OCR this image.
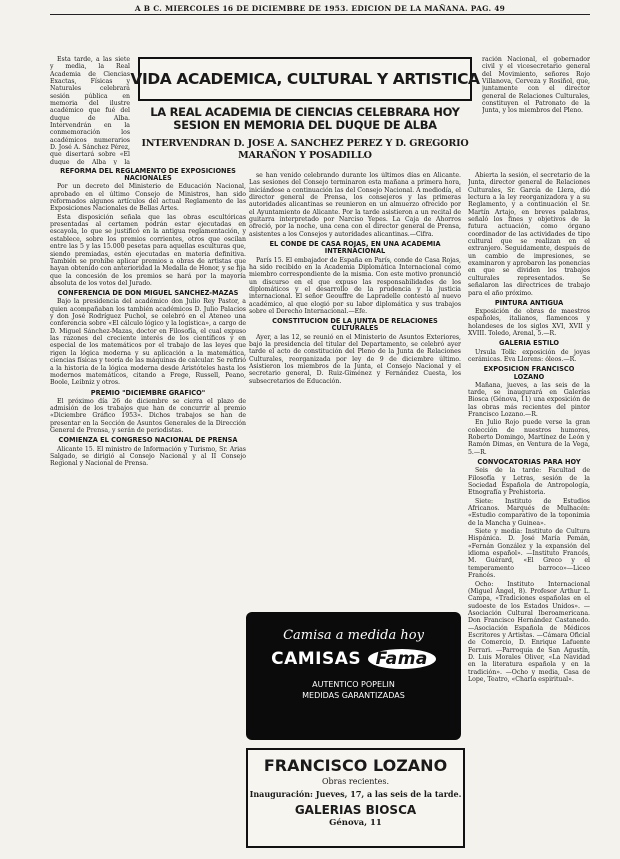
A B C. MIERCOLES 16 DE DICIEMBRE DE 1953. EDICION DE LA MAÑANA. PAG. 49

Esta tarde, a las siete y media, la Real Academia de Ciencias Exactas, Físicas y Naturales celebrará sesión pública en memoria del ilustre académico que fué del duque de Alba. Intervendrán en la conmemoración los académicos numerarios D. José A. Sánchez Pérez, que disertará sobre «El duque de Alba y la

REFORMA DEL REGLAMENTO DE EXPOSICIONES NACIONALES

Por un decreto del Ministerio de Educación Nacional, aprobado en el último Consejo de Ministros, han sido reformados algunos artículos del actual Reglamento de las Exposiciones Nacionales de Bellas Artes.

Esta disposición señala que las obras escultóricas presentadas al certamen podrán estar ejecutadas en escayola, lo que se justificó en la antigua reglamentación, y establece, sobre los premios corrientes, otros que oscilan entre las 5 y las 15.000 pesetas para aquellas esculturas que, siendo premiadas, estén ejecutadas en materia definitiva. También se prohíbe aplicar premios a obras de artistas que hayan obtenido con anterioridad la Medalla de Honor, y se fija que la concesión de los premios se hará por la mayoría absoluta de los votos del Jurado.

CONFERENCIA DE DON MIGUEL SANCHEZ-MAZAS

Bajo la presidencia del académico don Julio Rey Pastor, a quien acompañaban los también académicos D. Julio Palacios y don José Rodríguez Puchol, se celebró en el Ateneo una conferencia sobre «El cálculo lógico y la logística», a cargo de D. Miguel Sánchez-Mazas, doctor en Filosofía, el cual expuso las razones del creciente interés de los científicos y en especial de los matemáticos por el trabajo de las leyes que rigen la lógica moderna y su aplicación a la matemática, ciencias físicas y teoría de las máquinas de calcular. Se refirió a la historia de la lógica moderna desde Aristóteles hasta los modernos matemáticos, citando a Frege, Russell, Peano, Boole, Leibniz y otros.

PREMIO "DICIEMBRE GRAFICO"

El próximo día 26 de diciembre se cierra el plazo de admisión de los trabajos que han de concurrir al premio «Diciembre Gráfico 1953». Dichos trabajos se han de presentar en la Sección de Asuntos Generales de la Dirección General de Prensa, y serán de periodistas.

COMIENZA EL CONGRESO NACIONAL DE PRENSA

Alicante 15. El ministro de Información y Turismo, Sr. Arias Salgado, se dirigió al Consejo Nacional y al II Consejo Regional y Nacional de Prensa.

VIDA ACADEMICA, CULTURAL Y ARTISTICA
LA REAL ACADEMIA DE CIENCIAS CELEBRARA HOY SESION EN MEMORIA DEL DUQUE DE ALBA
INTERVENDRAN D. JOSE A. SANCHEZ PEREZ Y D. GREGORIO MARAÑON Y POSADILLO

se han venido celebrando durante los últimos días en Alicante. Las sesiones del Consejo terminaron esta mañana a primera hora, iniciándose a continuación las del Consejo Nacional. A mediodía, el director general de Prensa, los consejeros y las primeras autoridades alicantinas se reunieron en un almuerzo ofrecido por el Ayuntamiento de Alicante. Por la tarde asistieron a un recital de guitarra interpretado por Narciso Yepes. La Caja de Ahorros ofreció, por la noche, una cena con el director general de Prensa, asistentes a los Consejos y autoridades alicantinas.—Cifra.

EL CONDE DE CASA ROJAS, EN UNA ACADEMIA INTERNACIONAL

París 15. El embajador de España en París, conde de Casa Rojas, ha sido recibido en la Academia Diplomática Internacional como miembro correspondiente de la misma. Con este motivo pronunció un discurso en el que expuso las responsabilidades de los diplomáticos y el desarrollo de la prudencia y la justicia internacional. El señor Geouffre de Lapradelle contestó al nuevo académico, al que elogió por su labor diplomática y sus trabajos sobre el Derecho Internacional.—Efe.

CONSTITUCION DE LA JUNTA DE RELACIONES CULTURALES

Ayer, a las 12, se reunió en el Ministerio de Asuntos Exteriores, bajo la presidencia del titular del Departamento, se celebró ayer tarde el acto de constitución del Pleno de la Junta de Relaciones Culturales, reorganizada por ley de 9 de diciembre último. Asistieron los miembros de la Junta, el Consejo Nacional y el secretario general, D. Ruiz-Giménez y Fernández Cuesta, los subsecretarios de Educación.

Camisa a medida hoy
CAMISAS Fama
AUTENTICO POPELIN
MEDIDAS GARANTIZADAS
FRANCISCO LOZANO
Obras recientes.
Inauguración: Jueves, 17, a las seis de la tarde.
GALERIAS BIOSCA
Génova, 11

ración Nacional, el gobernador civil y el vicesecretario general del Movimiento, señores Rojo Villanova, Cerveza y Rosiñol, que, juntamente con el director general de Relaciones Culturales, constituyen el Patronato de la Junta, y los miembros del Pleno.

Abierta la sesión, el secretario de la Junta, director general de Relaciones Culturales, Sr. García de Llera, dió lectura a la ley reorganizadora y a su Reglamento, y a continuación el Sr. Martín Artajo, en breves palabras, señaló los fines y objetivos de la futura actuación, como órgano coordinador de las actividades de tipo cultural que se realizan en el extranjero. Seguidamente, después de un cambio de impresiones, se examinaron y aprobaron las ponencias en que se dividen los trabajos culturales representados. Se señalaron las directrices de trabajo para el año próximo.

PINTURA ANTIGUA

Exposición de obras de maestros españoles, italianos, flamencos y holandeses de los siglos XVI, XVII y XVIII. Toledo, Arenal, 5.—R.

GALERIA ESTILO

Ursula Tolk: exposición de joyas cerámicas. Eva Llorens: óleos.—R.

EXPOSICION FRANCISCO LOZANO

Mañana, jueves, a las seis de la tarde, se inaugurará en Galerías Biosca (Génova, 11) una exposición de las obras más recientes del pintor Francisco Lozano.—R.

En Julio Rojo puede verse la gran colección de nuestros humores, Roberto Domingo, Martínez de León y Ramón Dimas, en Ventura de la Vega, 5.—R.

CONVOCATORIAS PARA HOY

Seis de la tarde: Facultad de Filosofía y Letras, sesión de la Sociedad Española de Antropología, Etnografía y Prehistoria.

Siete: Instituto de Estudios Africanos. Marqués de Mulhacén: «Estudio comparativo de la toponimia de la Mancha y Guinea».

Siete y media: Instituto de Cultura Hispánica. D. José María Pemán, «Fernán González y la expansión del idioma español». —Instituto Francés, M. Guérard, «El Greco y el temperamento barroco»—Liceo Francés.

Ocho: Instituto Internacional (Miguel Ángel, 8). Profesor Arthur L. Campa, «Tradiciones españolas en el sudoeste de los Estados Unidos». —Asociación Cultural Iberoamericana. Don Francisco Hernández Castanedo. —Asociación Española de Médicos Escritores y Artistas. —Cámara Oficial de Comercio, D. Enrique Lafuente Ferrari. —Parroquia de San Agustín, D. Luis Morales Oliver, «La Navidad en la literatura española y en la tradición». —Ocho y media, Casa de Lope, Teatro, «Charla espiritual».
